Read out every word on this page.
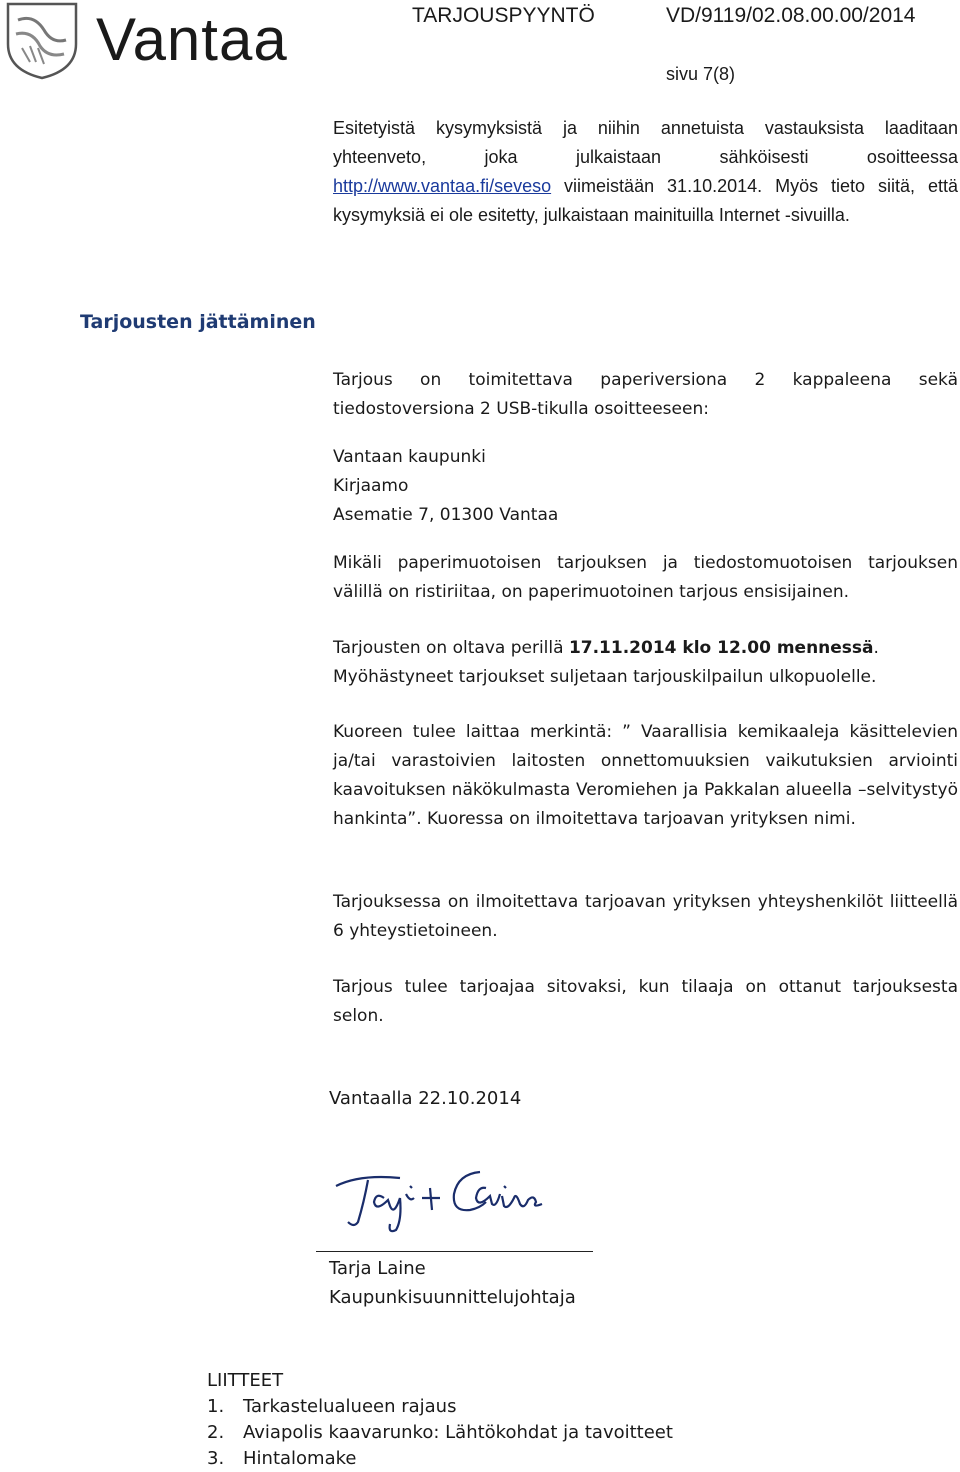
Vantaa	TARJOUSPYYNTÖ	VD/9119/02.08.00.00/2014
sivu 7(8)
Esitetyistä kysymyksistä ja niihin annetuista vastauksista laaditaan yhteenveto, joka julkaistaan sähköisesti osoitteessa http://www.vantaa.fi/seveso viimeistään 31.10.2014. Myös tieto siitä, että kysymyksiä ei ole esitetty, julkaistaan mainituilla Internet -sivuilla.
Tarjousten jättäminen
Tarjous on toimitettava paperiversiona 2 kappaleena sekä tiedostoversiona 2 USB-tikulla osoitteeseen:
Vantaan kaupunki
Kirjaamo
Asematie 7, 01300 Vantaa
Mikäli paperimuotoisen tarjouksen ja tiedostomuotoisen tarjouksen välillä on ristiriitaa, on paperimuotoinen tarjous ensisijainen.
Tarjousten on oltava perillä 17.11.2014 klo 12.00 mennessä.
Myöhästyneet tarjoukset suljetaan tarjouskilpailun ulkopuolelle.
Kuoreen tulee laittaa merkintä: ” Vaarallisia kemikaaleja käsittelevien ja/tai varastoivien laitosten onnettomuuksien vaikutuksien arviointi kaavoituksen näkökulmasta Veromiehen ja Pakkalan alueella –selvitystyö hankinta”. Kuoressa on ilmoitettava tarjoavan yrityksen nimi.
Tarjouksessa on ilmoitettava tarjoavan yrityksen yhteyshenkilöt liitteellä 6 yhteystietoineen.
Tarjous tulee tarjoajaa sitovaksi, kun tilaaja on ottanut tarjouksesta selon.
Vantaalla 22.10.2014
Tarja Laine
Kaupunkisuunnittelujohtaja
LIITTEET
1. Tarkastelualueen rajaus
2. Aviapolis kaavarunko: Lähtökohdat ja tavoitteet
3. Hintalomake
